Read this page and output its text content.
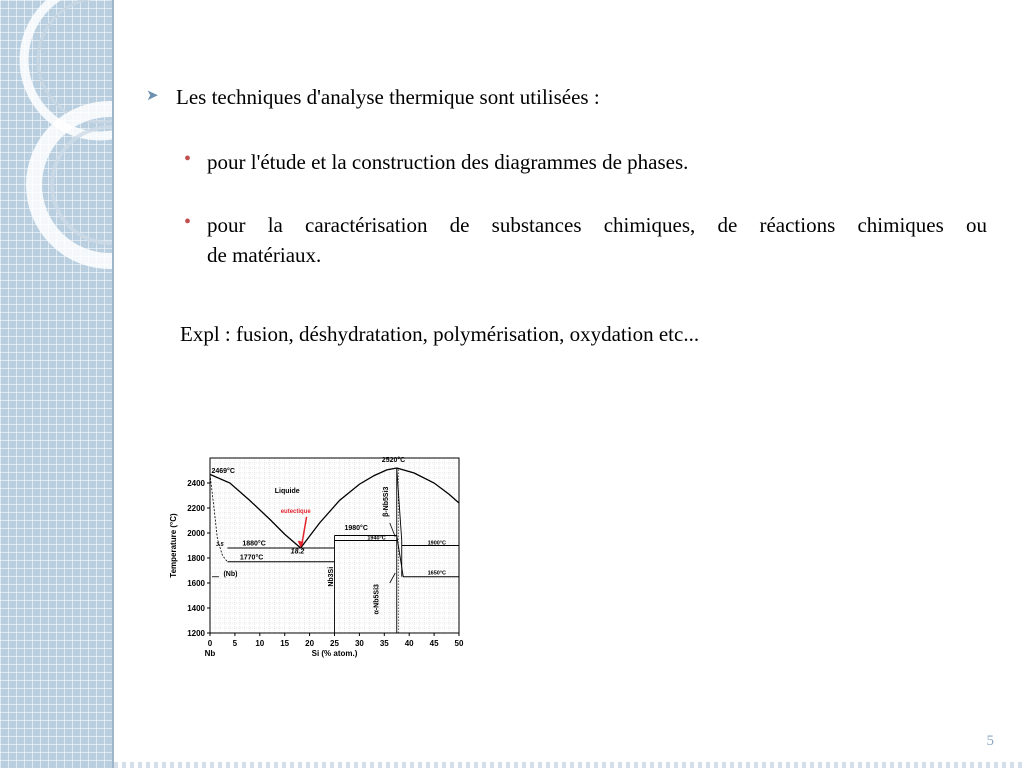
➤ Les techniques d'analyse thermique sont utilisées :
• pour l'étude et la construction des diagrammes de phases.
• pour la caractérisation de substances chimiques, de réactions chimiques ou
de matériaux.
Expl : fusion, déshydratation, polymérisation, oxydation etc...
0	5 10 15 20 25 30 35 40 45 50
1200
1400
1600
1800
2000
2200
2400
Nb	Si (% atom.)
Temperature (°C)
2469°C
2520°C
Liquide
eutectique
1980°C
1880°C
1770°C
18.2
3.5
(Nb)
1940°C
1900°C
1650°C
Nb3Si
β-Nb5Si3
α-Nb5Si3
5
